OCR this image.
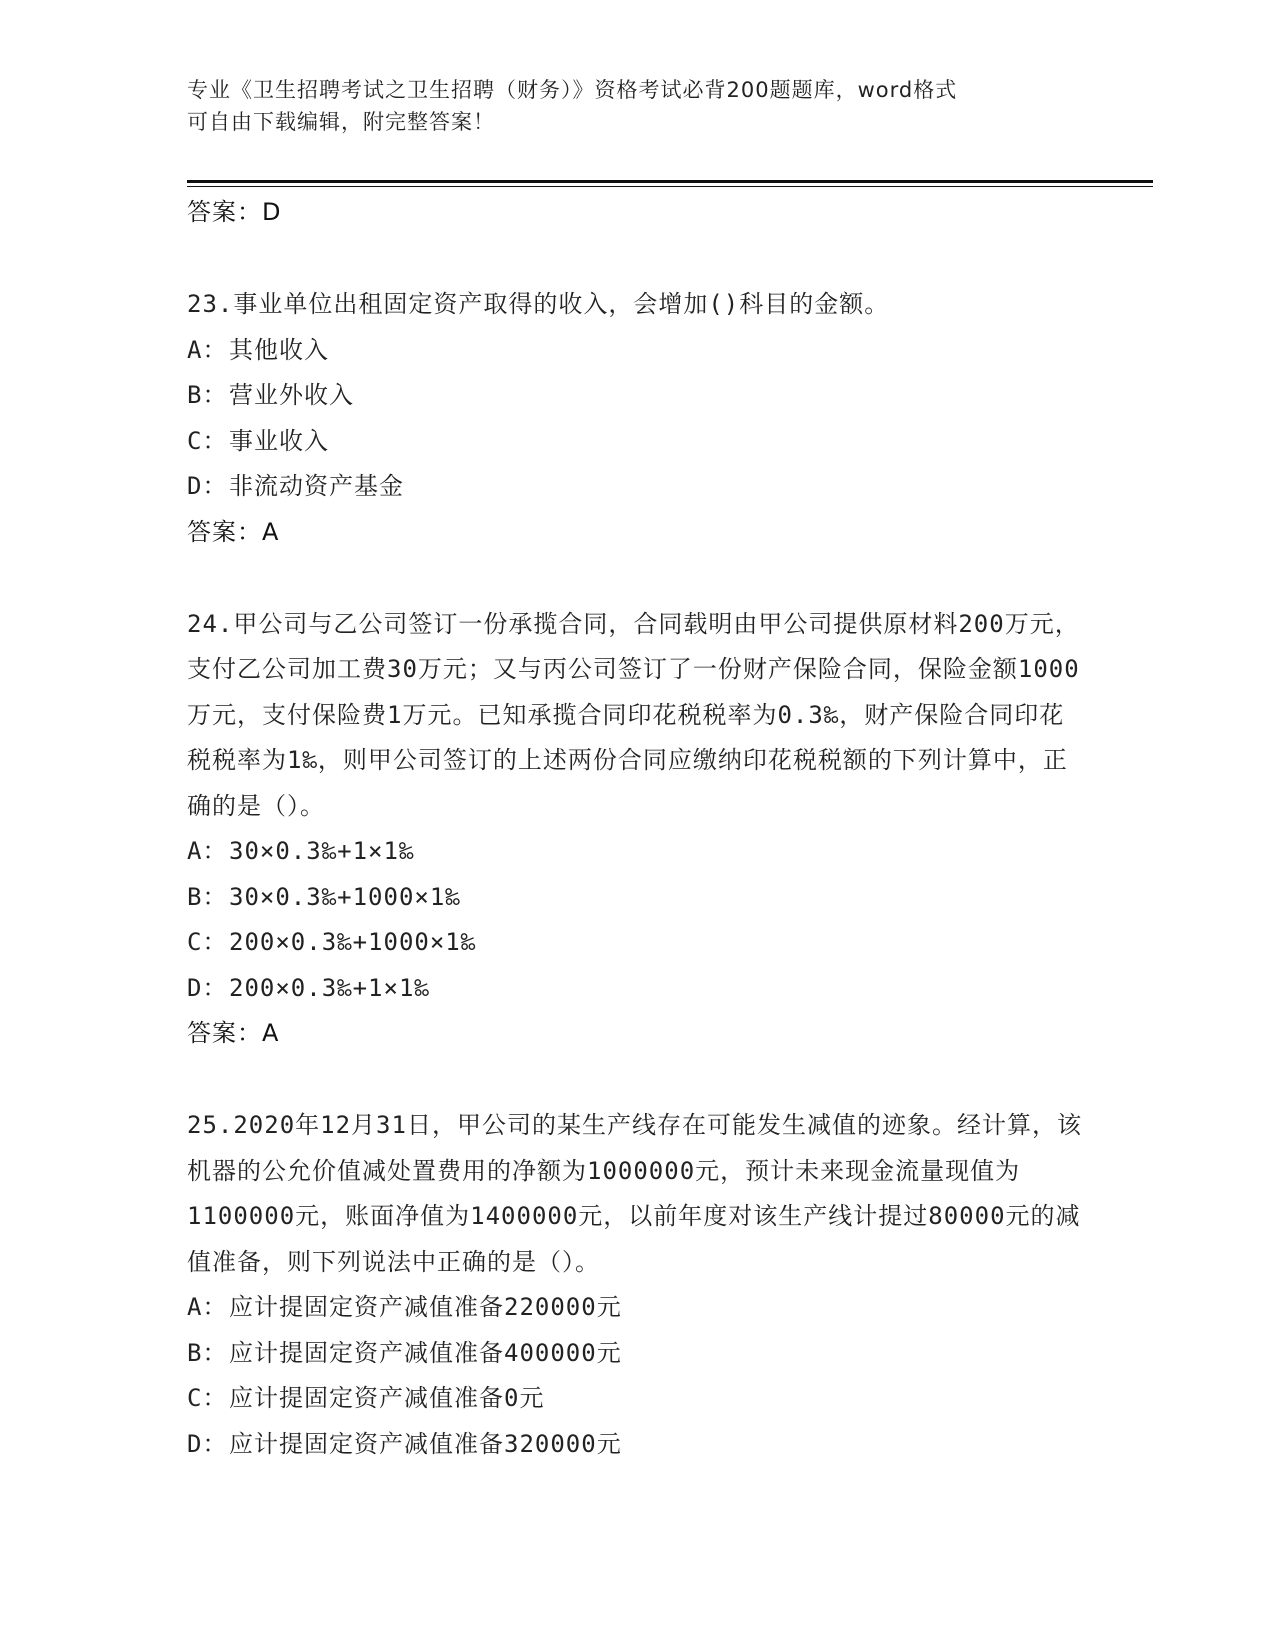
专业《卫生招聘考试之卫生招聘（财务）》资格考试必背200题题库，word格式
可自由下载编辑，附完整答案！
答案：D
23.事业单位出租固定资产取得的收入，会增加()科目的金额。
A：其他收入
B：营业外收入
C：事业收入
D：非流动资产基金
答案：A
24.甲公司与乙公司签订一份承揽合同，合同载明由甲公司提供原材料200万元，支付乙公司加工费30万元；又与丙公司签订了一份财产保险合同，保险金额1000万元，支付保险费1万元。已知承揽合同印花税税率为0.3‰，财产保险合同印花税税率为1‰，则甲公司签订的上述两份合同应缴纳印花税税额的下列计算中，正确的是（）。
A：30×0.3‰+1×1‰
B：30×0.3‰+1000×1‰
C：200×0.3‰+1000×1‰
D：200×0.3‰+1×1‰
答案：A
25.2020年12月31日，甲公司的某生产线存在可能发生减值的迹象。经计算，该机器的公允价值减处置费用的净额为1000000元，预计未来现金流量现值为1100000元，账面净值为1400000元，以前年度对该生产线计提过80000元的减值准备，则下列说法中正确的是（）。
A：应计提固定资产减值准备220000元
B：应计提固定资产减值准备400000元
C：应计提固定资产减值准备0元
D：应计提固定资产减值准备320000元
